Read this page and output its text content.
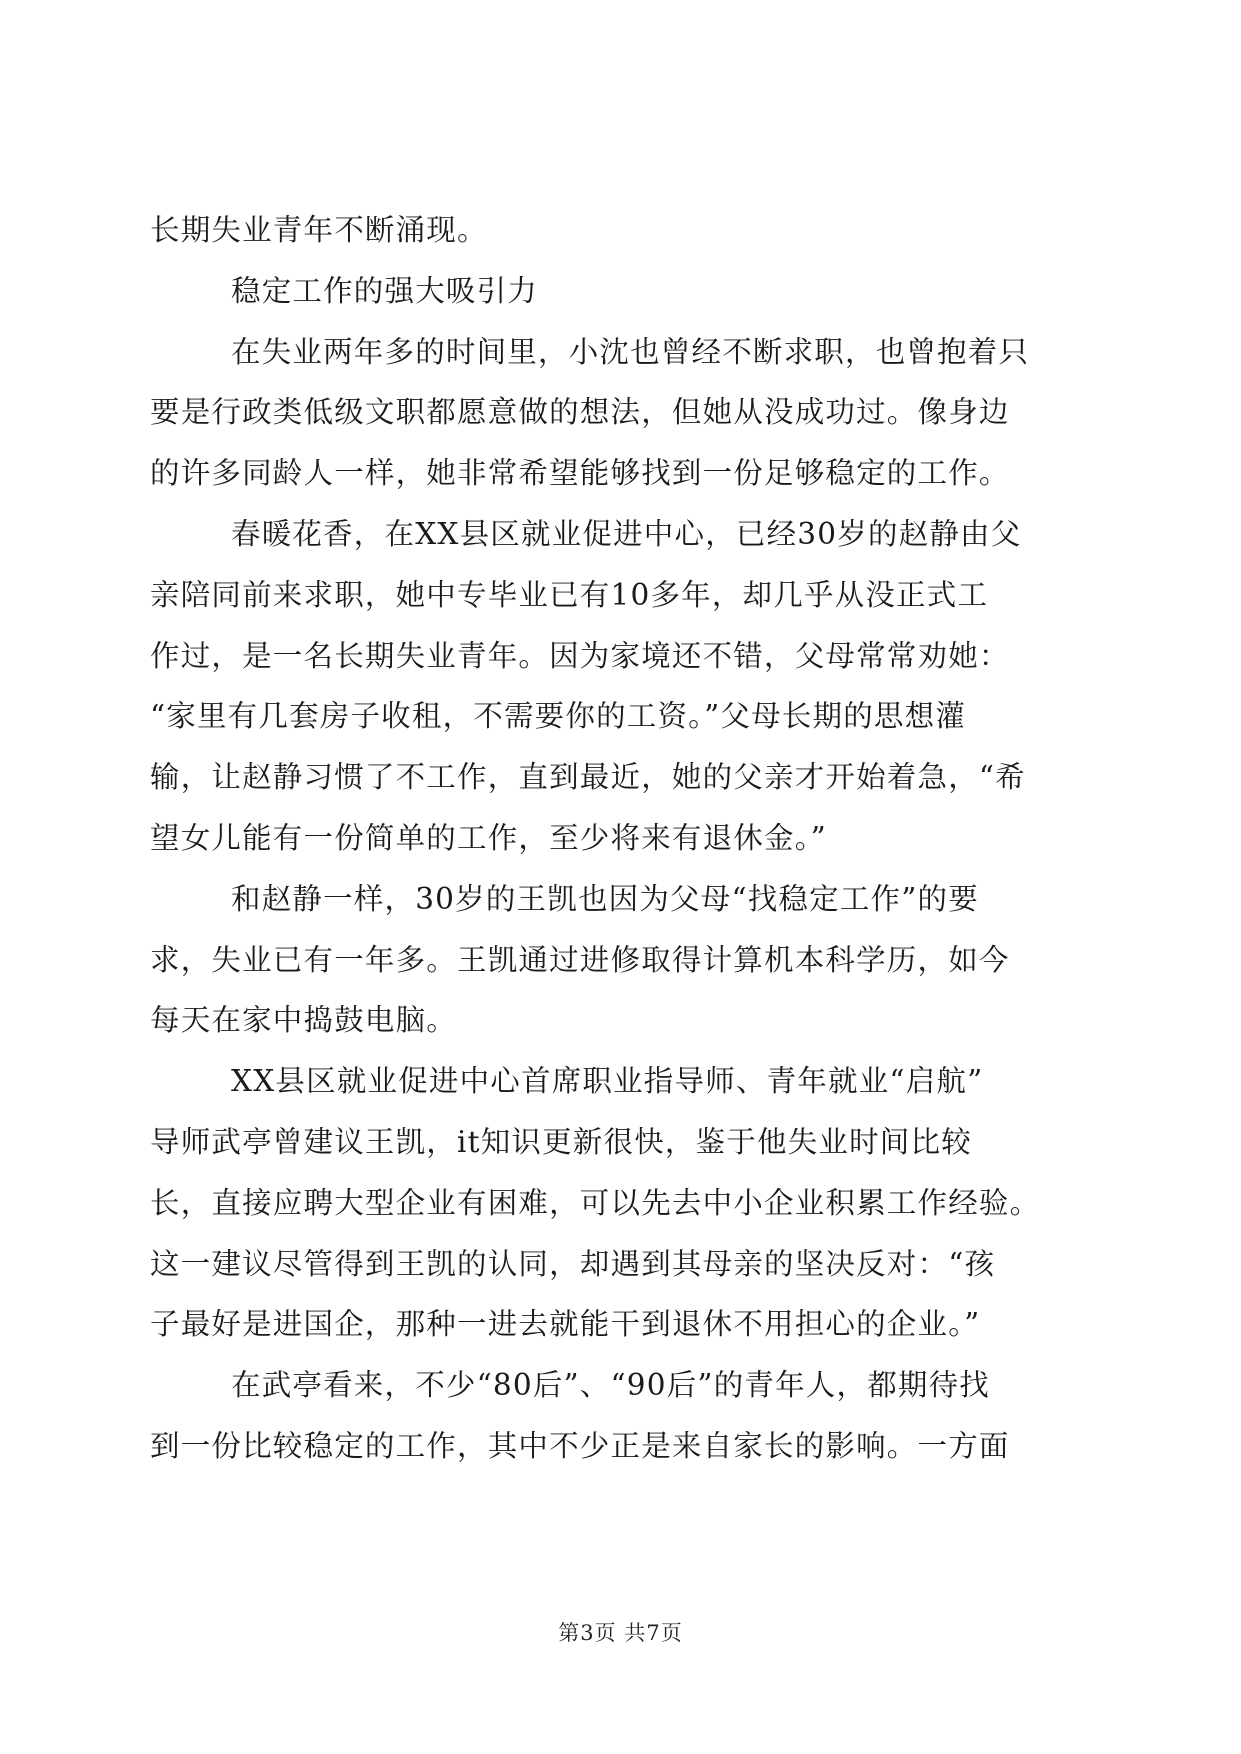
长期失业青年不断涌现。
稳定工作的强大吸引力
在失业两年多的时间里，小沈也曾经不断求职，也曾抱着只
要是行政类低级文职都愿意做的想法，但她从没成功过。像身边
的许多同龄人一样，她非常希望能够找到一份足够稳定的工作。
春暖花香，在XX县区就业促进中心，已经30岁的赵静由父
亲陪同前来求职，她中专毕业已有10多年，却几乎从没正式工
作过，是一名长期失业青年。因为家境还不错，父母常常劝她：
“家里有几套房子收租，不需要你的工资。”父母长期的思想灌
输，让赵静习惯了不工作，直到最近，她的父亲才开始着急，“希
望女儿能有一份简单的工作，至少将来有退休金。”
和赵静一样，30岁的王凯也因为父母“找稳定工作”的要
求，失业已有一年多。王凯通过进修取得计算机本科学历，如今
每天在家中捣鼓电脑。
XX县区就业促进中心首席职业指导师、青年就业“启航”
导师武亭曾建议王凯，it知识更新很快，鉴于他失业时间比较
长，直接应聘大型企业有困难，可以先去中小企业积累工作经验。
这一建议尽管得到王凯的认同，却遇到其母亲的坚决反对：“孩
子最好是进国企，那种一进去就能干到退休不用担心的企业。”
在武亭看来，不少“80后”、“90后”的青年人，都期待找
到一份比较稳定的工作，其中不少正是来自家长的影响。一方面
第3页 共7页
